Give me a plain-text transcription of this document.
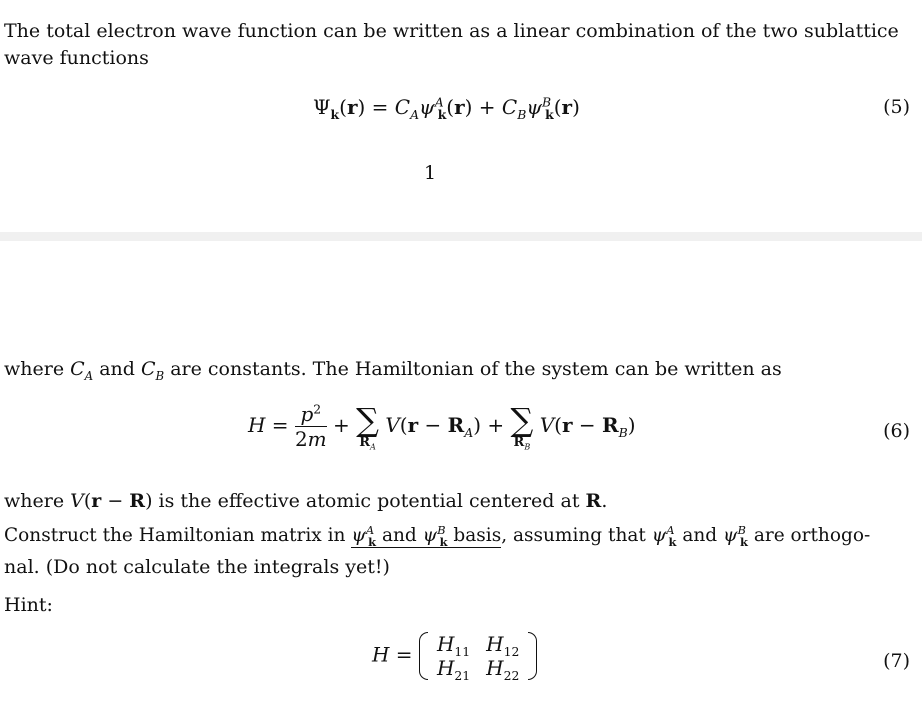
The total electron wave function can be written as a linear combination of the two sublattice
wave functions
$\Psi_k(r) = C_A\psi^A_k(r) + C_B\psi^B_k(r)$	(5)
1
where $C_A$ and $C_B$ are constants. The Hamiltonian of the system can be written as
$H = \frac{p^2}{2m}$ + ∑
$R_A$
$V(r - R_A)$ + ∑
$R_B$
$V(r - R_B)$	(6)
where V(r − R) is the effective atomic potential centered at R.
Construct the Hamiltonian matrix in $\psi^A_k$ and $\psi^B_k$ basis, assuming that $\psi^A_k$ and $\psi^B_k$ are orthogo-
nal. (Do not calculate the integrals yet!)
Hint:
$H = H_{11}$	$H_{12}$
$H_{21}$	$H_{22}$
(7)
